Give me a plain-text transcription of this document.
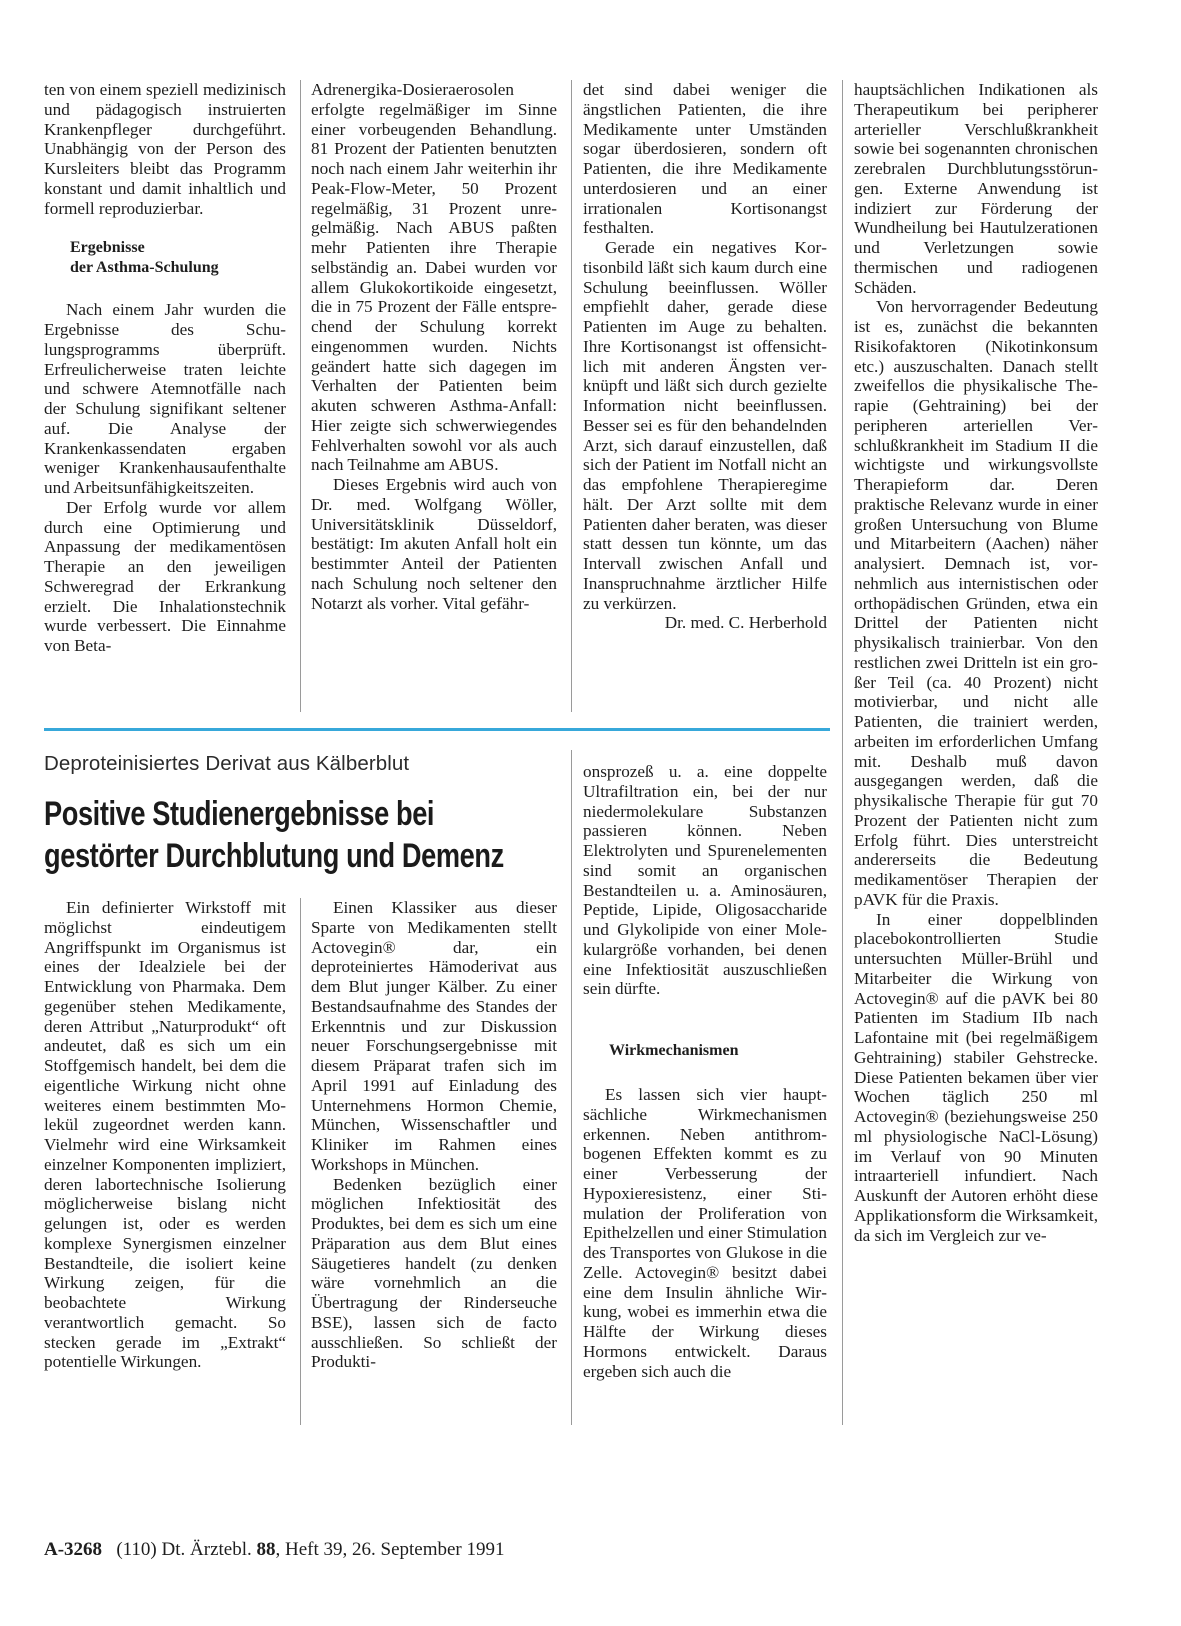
ten von einem speziell medizinisch und pädagogisch instruierten Krankenpfleger durchgeführt. Unabhängig von der Person des Kursleiters bleibt das Programm konstant und damit inhaltlich und formell reproduzierbar.

Ergebnisse

der Asthma-Schulung

Nach einem Jahr wurden die Ergebnisse des Schulungsprogramms überprüft. Erfreulicherweise traten leichte und schwere Atemnotfälle nach der Schulung signifikant seltener auf. Die Analyse der Krankenkassendaten ergaben weniger Krankenhausaufenthalte und Arbeitsunfähigkeitszeiten.

Der Erfolg wurde vor allem durch eine Optimierung und Anpassung der medikamentösen Therapie an den jeweiligen Schweregrad der Erkrankung erzielt. Die Inhalationstechnik wurde verbessert. Die Einnahme von Beta-

Adrenergika-Dosieraerosolen erfolgte regelmäßiger im Sinne einer vorbeugenden Behandlung. 81 Prozent der Patienten benutzten noch nach einem Jahr weiterhin ihr Peak-Flow-Meter, 50 Prozent regelmäßig, 31 Prozent unregelmäßig. Nach ABUS paßten mehr Patienten ihre Therapie selbständig an. Dabei wurden vor allem Glukokortikoide eingesetzt, die in 75 Prozent der Fälle entsprechend der Schulung korrekt eingenommen wurden. Nichts geändert hatte sich dagegen im Verhalten der Patienten beim akuten schweren Asthma-Anfall: Hier zeigte sich schwerwiegendes Fehlverhalten sowohl vor als auch nach Teilnahme am ABUS.

Dieses Ergebnis wird auch von Dr. med. Wolfgang Wöller, Universitätsklinik Düsseldorf, bestätigt: Im akuten Anfall holt ein bestimmter Anteil der Patienten nach Schulung noch seltener den Notarzt als vorher. Vital gefähr-

det sind dabei weniger die ängstlichen Patienten, die ihre Medikamente unter Umständen sogar überdosieren, sondern oft Patienten, die ihre Medikamente unterdosieren und an einer irrationalen Kortisonangst festhalten.

Gerade ein negatives Kortisonbild läßt sich kaum durch eine Schulung beeinflussen. Wöller empfiehlt daher, gerade diese Patienten im Auge zu behalten. Ihre Kortisonangst ist offensichtlich mit anderen Ängsten verknüpft und läßt sich durch gezielte Information nicht beeinflussen. Besser sei es für den behandelnden Arzt, sich darauf einzustellen, daß sich der Patient im Notfall nicht an das empfohlene Therapieregime hält. Der Arzt sollte mit dem Patienten daher beraten, was dieser statt dessen tun könnte, um das Intervall zwischen Anfall und Inanspruchnahme ärztlicher Hilfe zu verkürzen.

Dr. med. C. Herberhold

Deproteinisiertes Derivat aus Kälberblut

Positive Studienergebnisse bei

gestörter Durchblutung und Demenz

Ein definierter Wirkstoff mit möglichst eindeutigem Angriffspunkt im Organismus ist eines der Idealziele bei der Entwicklung von Pharmaka. Dem gegenüber stehen Medikamente, deren Attribut „Naturprodukt“ oft andeutet, daß es sich um ein Stoffgemisch handelt, bei dem die eigentliche Wirkung nicht ohne weiteres einem bestimmten Molekül zugeordnet werden kann. Vielmehr wird eine Wirksamkeit einzelner Komponenten impliziert, deren labortechnische Isolierung möglicherweise bislang nicht gelungen ist, oder es werden komplexe Synergismen einzelner Bestandteile, die isoliert keine Wirkung zeigen, für die beobachtete Wirkung verantwortlich gemacht. So stecken gerade im „Extrakt“ potentielle Wirkungen.

Einen Klassiker aus dieser Sparte von Medikamenten stellt Actovegin® dar, ein deproteiniertes Hämoderivat aus dem Blut junger Kälber. Zu einer Bestandsaufnahme des Standes der Erkenntnis und zur Diskussion neuer Forschungsergebnisse mit diesem Präparat trafen sich im April 1991 auf Einladung des Unternehmens Hormon Chemie, München, Wissenschaftler und Kliniker im Rahmen eines Workshops in München.

Bedenken bezüglich einer möglichen Infektiosität des Produktes, bei dem es sich um eine Präparation aus dem Blut eines Säugetieres handelt (zu denken wäre vornehmlich an die Übertragung der Rinderseuche BSE), lassen sich de facto ausschließen. So schließt der Produkti-

onsprozeß u. a. eine doppelte Ultrafiltration ein, bei der nur niedermolekulare Substanzen passieren können. Neben Elektrolyten und Spurenelementen sind somit an organischen Bestandteilen u. a. Aminosäuren, Peptide, Lipide, Oligosaccharide und Glykolipide von einer Molekulargröße vorhanden, bei denen eine Infektiosität auszuschließen sein dürfte.

Wirkmechanismen

Es lassen sich vier hauptsächliche Wirkmechanismen erkennen. Neben antithrombogenen Effekten kommt es zu einer Verbesserung der Hypoxieresistenz, einer Stimulation der Proliferation von Epithelzellen und einer Stimulation des Transportes von Glukose in die Zelle. Actovegin® besitzt dabei eine dem Insulin ähnliche Wirkung, wobei es immerhin etwa die Hälfte der Wirkung dieses Hormons entwickelt. Daraus ergeben sich auch die

hauptsächlichen Indikationen als Therapeutikum bei peripherer arterieller Verschlußkrankheit sowie bei sogenannten chronischen zerebralen Durchblutungsstörungen. Externe Anwendung ist indiziert zur Förderung der Wundheilung bei Hautulzerationen und Verletzungen sowie thermischen und radiogenen Schäden.

Von hervorragender Bedeutung ist es, zunächst die bekannten Risikofaktoren (Nikotinkonsum etc.) auszuschalten. Danach stellt zweifellos die physikalische Therapie (Gehtraining) bei der peripheren arteriellen Verschlußkrankheit im Stadium II die wichtigste und wirkungsvollste Therapieform dar. Deren praktische Relevanz wurde in einer großen Untersuchung von Blume und Mitarbeitern (Aachen) näher analysiert. Demnach ist, vornehmlich aus internistischen oder orthopädischen Gründen, etwa ein Drittel der Patienten nicht physikalisch trainierbar. Von den restlichen zwei Dritteln ist ein großer Teil (ca. 40 Prozent) nicht motivierbar, und nicht alle Patienten, die trainiert werden, arbeiten im erforderlichen Umfang mit. Deshalb muß davon ausgegangen werden, daß die physikalische Therapie für gut 70 Prozent der Patienten nicht zum Erfolg führt. Dies unterstreicht andererseits die Bedeutung medikamentöser Therapien der pAVK für die Praxis.

In einer doppelblinden placebokontrollierten Studie untersuchten Müller-Brühl und Mitarbeiter die Wirkung von Actovegin® auf die pAVK bei 80 Patienten im Stadium IIb nach Lafontaine mit (bei regelmäßigem Gehtraining) stabiler Gehstrecke. Diese Patienten bekamen über vier Wochen täglich 250 ml Actovegin® (beziehungsweise 250 ml physiologische NaCl-Lösung) im Verlauf von 90 Minuten intraarteriell infundiert. Nach Auskunft der Autoren erhöht diese Applikationsform die Wirksamkeit, da sich im Vergleich zur ve-

A-3268 (110) Dt. Ärztebl. 88, Heft 39, 26. September 1991
